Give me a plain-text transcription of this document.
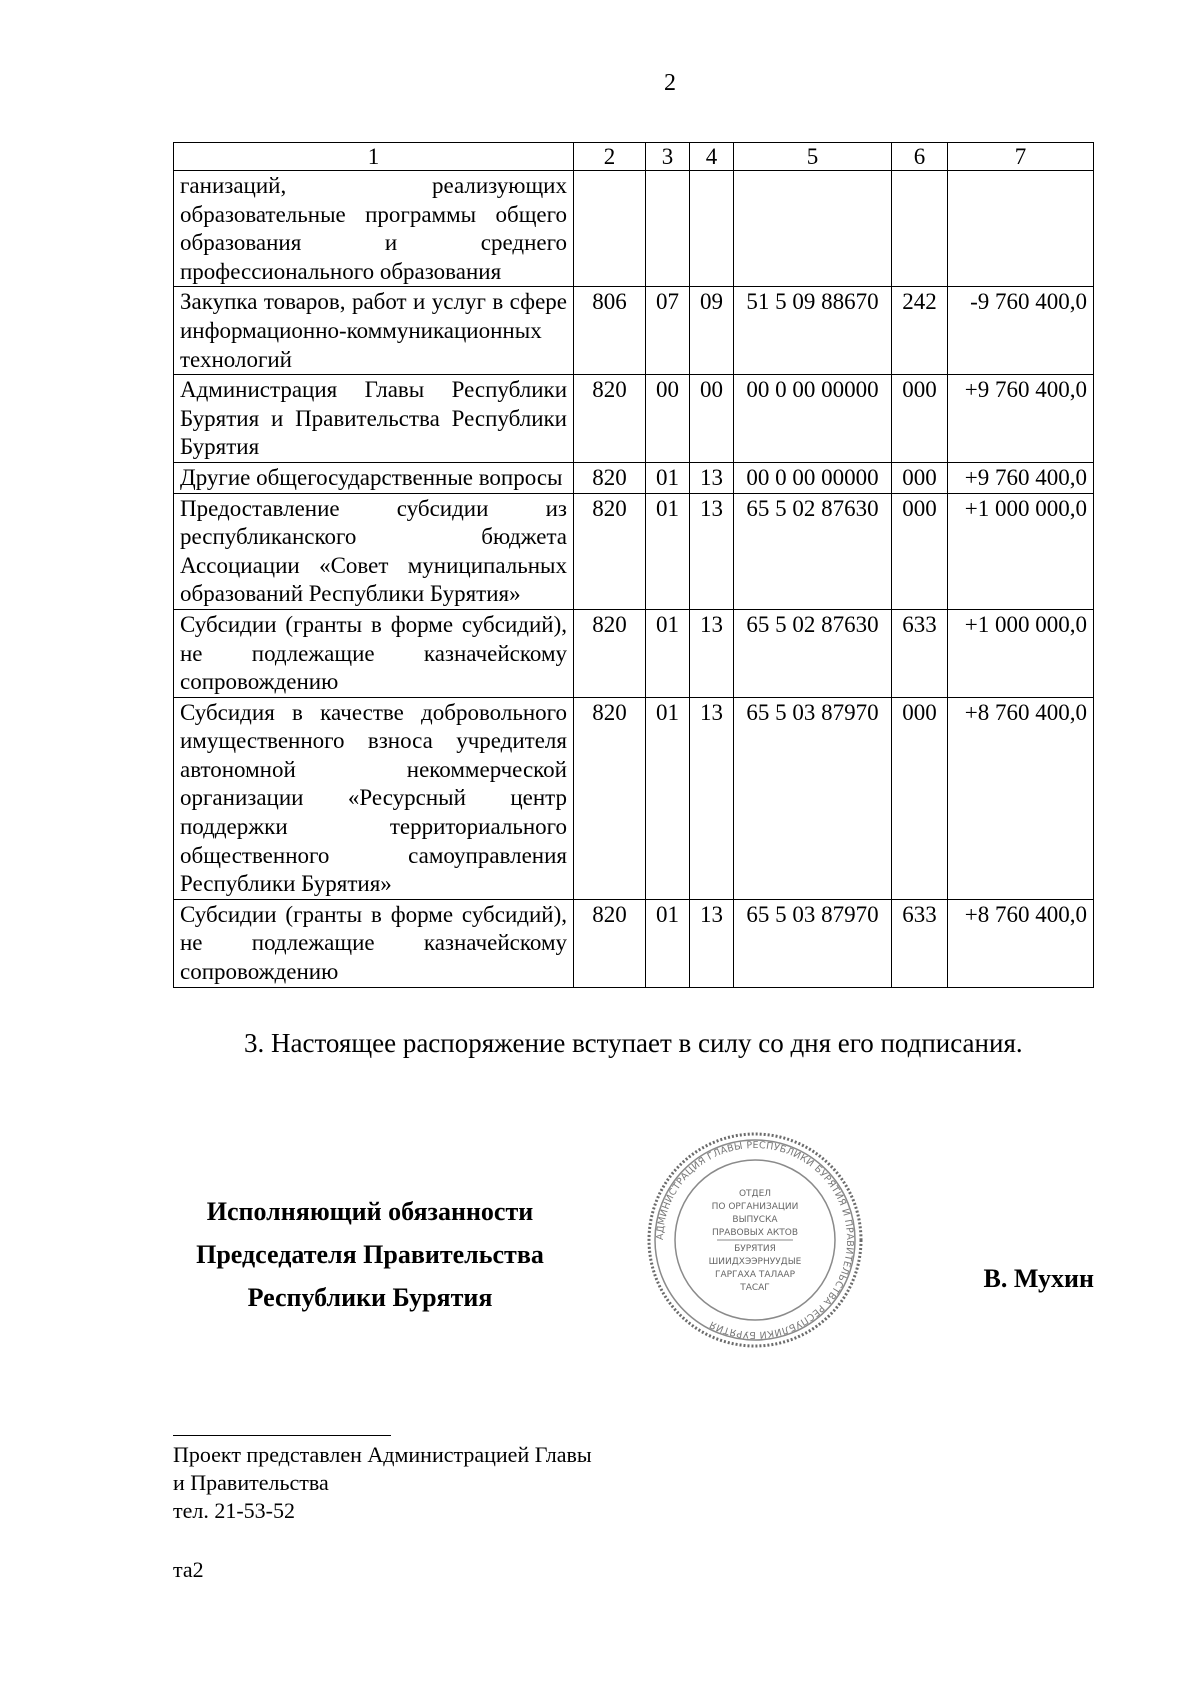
2
1	2	3	4	5	6	7
ганизаций, реализующих образовательные программы общего образования и среднего профессионального образования						
Закупка товаров, работ и услуг в сфере информационно-коммуникационных технологий	806	07	09	51 5 09 88670	242	-9 760 400,0
Администрация Главы Республики Бурятия и Правительства Республики Бурятия	820	00	00	00 0 00 00000	000	+9 760 400,0
Другие общегосударственные вопросы	820	01	13	00 0 00 00000	000	+9 760 400,0
Предоставление субсидии из республиканского бюджета Ассоциации «Совет муниципальных образований Республики Бурятия»	820	01	13	65 5 02 87630	000	+1 000 000,0
Субсидии (гранты в форме субсидий), не подлежащие казначейскому сопровождению	820	01	13	65 5 02 87630	633	+1 000 000,0
Субсидия в качестве добровольного имущественного взноса учредителя автономной некоммерческой организации «Ресурсный центр поддержки территориального общественного самоуправления Республики Бурятия»	820	01	13	65 5 03 87970	000	+8 760 400,0
Субсидии (гранты в форме субсидий), не подлежащие казначейскому сопровождению	820	01	13	65 5 03 87970	633	+8 760 400,0
3. Настоящее распоряжение вступает в силу со дня его подписания.
Исполняющий обязанности
Председателя Правительства
Республики Бурятия
АДМИНИСТРАЦИЯ ГЛАВЫ РЕСПУБЛИКИ БУРЯТИЯ И ПРАВИТЕЛЬСТВА РЕСПУБЛИКИ БУРЯТИЯ
ОТДЕЛ
ПО ОРГАНИЗАЦИИ
ВЫПУСКА
ПРАВОВЫХ АКТОВ
БУРЯТИЯ
ШИИДХЭЭРНУУДЫЕ
ГАРГАХА ТАЛААР
ТАСАГ	В. Мухин
Проект представлен Администрацией Главы
и Правительства
тел. 21-53-52
та2
